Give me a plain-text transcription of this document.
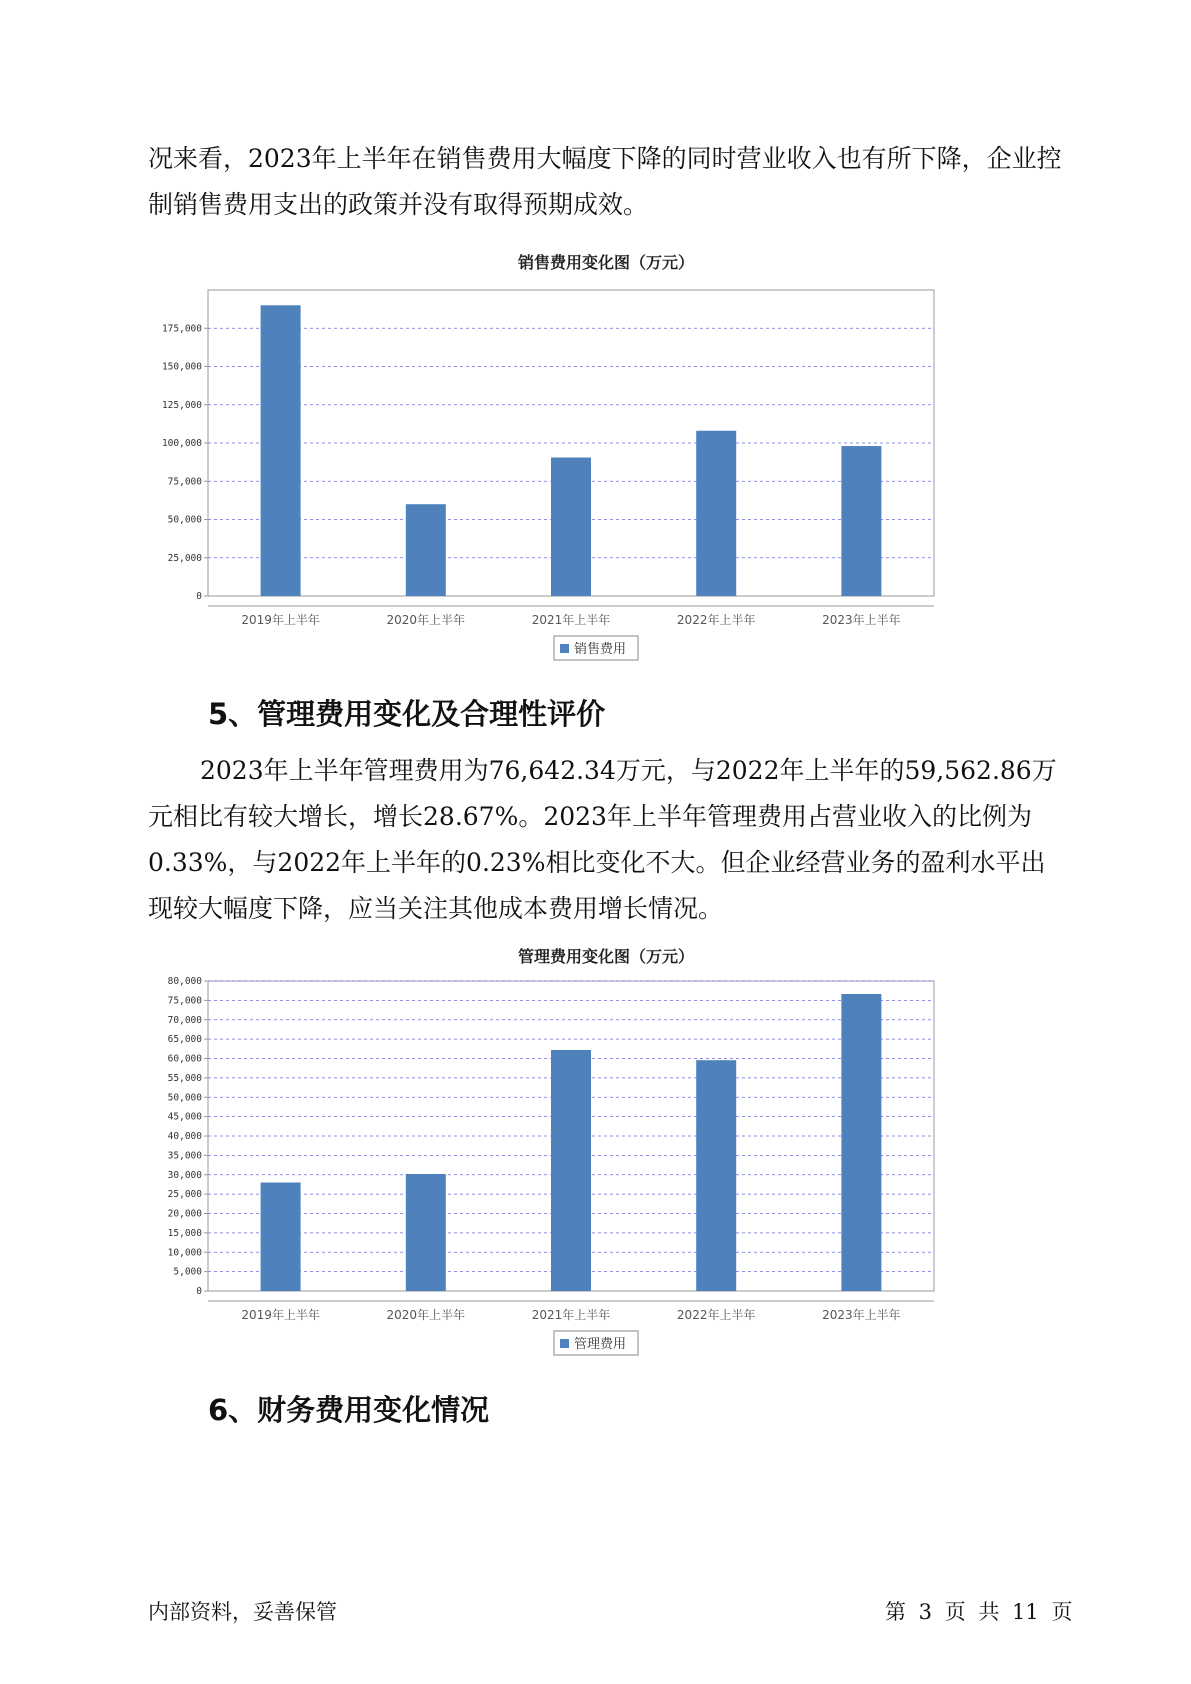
况来看，2023年上半年在销售费用大幅度下降的同时营业收入也有所下降，企业控制销售费用支出的政策并没有取得预期成效。

销售费用变化图（万元）
0
25,000
50,000
75,000
100,000
125,000
150,000
175,000
2019年上半年	2020年上半年	2021年上半年	2022年上半年	2023年上半年
销售费用
5、管理费用变化及合理性评价

2023年上半年管理费用为76,642.34万元，与2022年上半年的59,562.86万元相比有较大增长，增长28.67%。2023年上半年管理费用占营业收入的比例为0.33%，与2022年上半年的0.23%相比变化不大。但企业经营业务的盈利水平出现较大幅度下降，应当关注其他成本费用增长情况。

管理费用变化图（万元）
0
5,000
10,000
15,000
20,000
25,000
30,000
35,000
40,000
45,000
50,000
55,000
60,000
65,000
70,000
75,000
80,000
2019年上半年	2020年上半年	2021年上半年	2022年上半年	2023年上半年
管理费用
6、财务费用变化情况
内部资料，妥善保管	第 3 页 共 11 页
